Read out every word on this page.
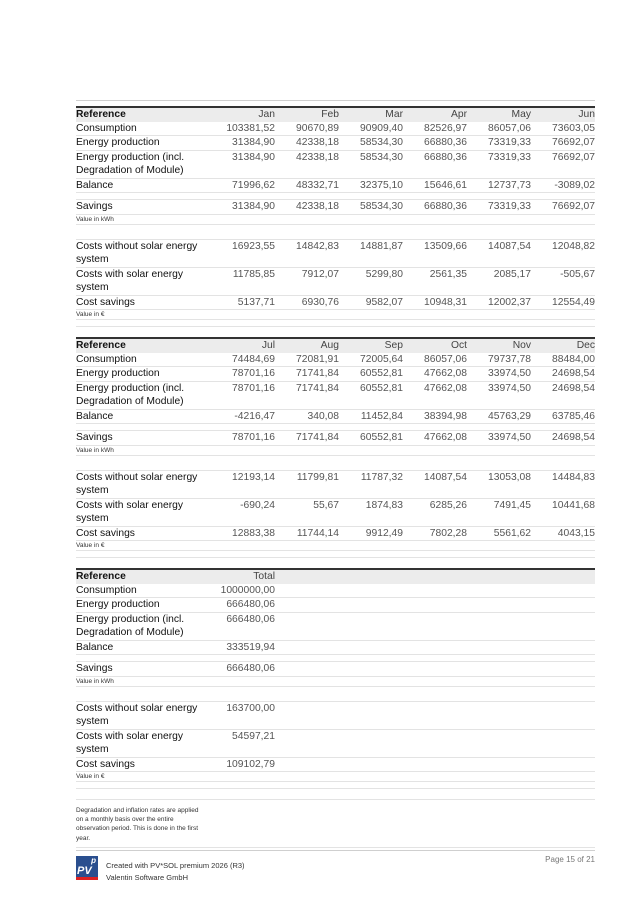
Reference	Jan	Feb	Mar	Apr	May	Jun
Consumption	103381,52	90670,89	90909,40	82526,97	86057,06	73603,05
Energy production	31384,90	42338,18	58534,30	66880,36	73319,33	76692,07
Energy production (incl. Degradation of Module)	31384,90	42338,18	58534,30	66880,36	73319,33	76692,07
Balance	71996,62	48332,71	32375,10	15646,61	12737,73	-3089,02

Savings	31384,90	42338,18	58534,30	66880,36	73319,33	76692,07
Value in kWh						

Costs without solar energy system	16923,55	14842,83	14881,87	13509,66	14087,54	12048,82
Costs with solar energy system	11785,85	7912,07	5299,80	2561,35	2085,17	-505,67
Cost savings	5137,71	6930,76	9582,07	10948,31	12002,37	12554,49
Value in €						

Reference	Jul	Aug	Sep	Oct	Nov	Dec
Consumption	74484,69	72081,91	72005,64	86057,06	79737,78	88484,00
Energy production	78701,16	71741,84	60552,81	47662,08	33974,50	24698,54
Energy production (incl. Degradation of Module)	78701,16	71741,84	60552,81	47662,08	33974,50	24698,54
Balance	-4216,47	340,08	11452,84	38394,98	45763,29	63785,46

Savings	78701,16	71741,84	60552,81	47662,08	33974,50	24698,54
Value in kWh						

Costs without solar energy system	12193,14	11799,81	11787,32	14087,54	13053,08	14484,83
Costs with solar energy system	-690,24	55,67	1874,83	6285,26	7491,45	10441,68
Cost savings	12883,38	11744,14	9912,49	7802,28	5561,62	4043,15
Value in €						

Reference	Total					
Consumption	1000000,00					
Energy production	666480,06					
Energy production (incl. Degradation of Module)	666480,06					
Balance	333519,94					

Savings	666480,06					
Value in kWh						

Costs without solar energy system	163700,00					
Costs with solar energy system	54597,21					
Cost savings	109102,79					
Value in €						

Degradation and inflation rates are applied on a monthly basis over the entire observation period. This is done in the first year.
p
PV Created with PV*SOL premium 2026 (R3)
Valentin Software GmbH
Page 15 of 21
